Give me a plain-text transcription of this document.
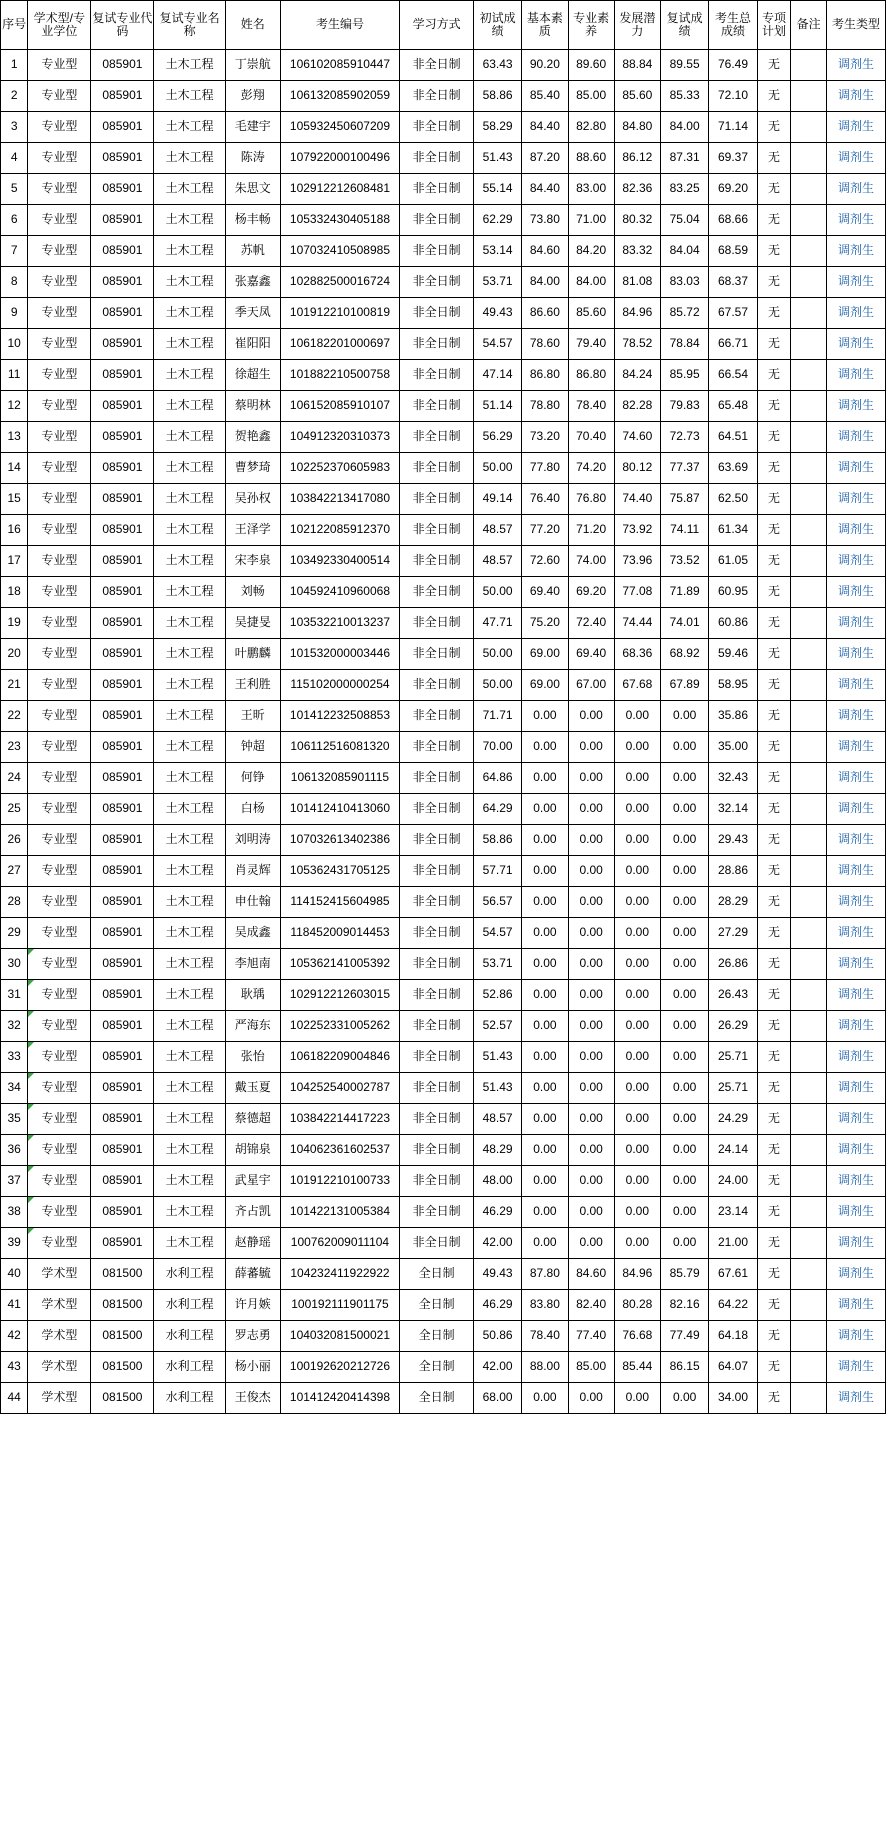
序号	学术型/专业学位	复试专业代码	复试专业名称	姓名	考生编号	学习方式	初试成绩	基本素质	专业素养	发展潜力	复试成绩	考生总成绩	专项计划	备注	考生类型
1	专业型	085901	土木工程	丁崇航	106102085910447	非全日制	63.43	90.20	89.60	88.84	89.55	76.49	无		调剂生
2	专业型	085901	土木工程	彭翔	106132085902059	非全日制	58.86	85.40	85.00	85.60	85.33	72.10	无		调剂生
3	专业型	085901	土木工程	毛建宇	105932450607209	非全日制	58.29	84.40	82.80	84.80	84.00	71.14	无		调剂生
4	专业型	085901	土木工程	陈涛	107922000100496	非全日制	51.43	87.20	88.60	86.12	87.31	69.37	无		调剂生
5	专业型	085901	土木工程	朱思文	102912212608481	非全日制	55.14	84.40	83.00	82.36	83.25	69.20	无		调剂生
6	专业型	085901	土木工程	杨丰畅	105332430405188	非全日制	62.29	73.80	71.00	80.32	75.04	68.66	无		调剂生
7	专业型	085901	土木工程	苏帆	107032410508985	非全日制	53.14	84.60	84.20	83.32	84.04	68.59	无		调剂生
8	专业型	085901	土木工程	张嘉鑫	102882500016724	非全日制	53.71	84.00	84.00	81.08	83.03	68.37	无		调剂生
9	专业型	085901	土木工程	季天凤	101912210100819	非全日制	49.43	86.60	85.60	84.96	85.72	67.57	无		调剂生
10	专业型	085901	土木工程	崔阳阳	106182201000697	非全日制	54.57	78.60	79.40	78.52	78.84	66.71	无		调剂生
11	专业型	085901	土木工程	徐超生	101882210500758	非全日制	47.14	86.80	86.80	84.24	85.95	66.54	无		调剂生
12	专业型	085901	土木工程	蔡明林	106152085910107	非全日制	51.14	78.80	78.40	82.28	79.83	65.48	无		调剂生
13	专业型	085901	土木工程	贺艳鑫	104912320310373	非全日制	56.29	73.20	70.40	74.60	72.73	64.51	无		调剂生
14	专业型	085901	土木工程	曹梦琦	102252370605983	非全日制	50.00	77.80	74.20	80.12	77.37	63.69	无		调剂生
15	专业型	085901	土木工程	吴孙权	103842213417080	非全日制	49.14	76.40	76.80	74.40	75.87	62.50	无		调剂生
16	专业型	085901	土木工程	王泽学	102122085912370	非全日制	48.57	77.20	71.20	73.92	74.11	61.34	无		调剂生
17	专业型	085901	土木工程	宋李泉	103492330400514	非全日制	48.57	72.60	74.00	73.96	73.52	61.05	无		调剂生
18	专业型	085901	土木工程	刘畅	104592410960068	非全日制	50.00	69.40	69.20	77.08	71.89	60.95	无		调剂生
19	专业型	085901	土木工程	吴捷旻	103532210013237	非全日制	47.71	75.20	72.40	74.44	74.01	60.86	无		调剂生
20	专业型	085901	土木工程	叶鹏麟	101532000003446	非全日制	50.00	69.00	69.40	68.36	68.92	59.46	无		调剂生
21	专业型	085901	土木工程	王利胜	115102000000254	非全日制	50.00	69.00	67.00	67.68	67.89	58.95	无		调剂生
22	专业型	085901	土木工程	王昕	101412232508853	非全日制	71.71	0.00	0.00	0.00	0.00	35.86	无		调剂生
23	专业型	085901	土木工程	钟超	106112516081320	非全日制	70.00	0.00	0.00	0.00	0.00	35.00	无		调剂生
24	专业型	085901	土木工程	何铮	106132085901115	非全日制	64.86	0.00	0.00	0.00	0.00	32.43	无		调剂生
25	专业型	085901	土木工程	白杨	101412410413060	非全日制	64.29	0.00	0.00	0.00	0.00	32.14	无		调剂生
26	专业型	085901	土木工程	刘明涛	107032613402386	非全日制	58.86	0.00	0.00	0.00	0.00	29.43	无		调剂生
27	专业型	085901	土木工程	肖灵辉	105362431705125	非全日制	57.71	0.00	0.00	0.00	0.00	28.86	无		调剂生
28	专业型	085901	土木工程	申仕翰	114152415604985	非全日制	56.57	0.00	0.00	0.00	0.00	28.29	无		调剂生
29	专业型	085901	土木工程	吴成鑫	118452009014453	非全日制	54.57	0.00	0.00	0.00	0.00	27.29	无		调剂生
30	专业型	085901	土木工程	李旭南	105362141005392	非全日制	53.71	0.00	0.00	0.00	0.00	26.86	无		调剂生
31	专业型	085901	土木工程	耿瑀	102912212603015	非全日制	52.86	0.00	0.00	0.00	0.00	26.43	无		调剂生
32	专业型	085901	土木工程	严海东	102252331005262	非全日制	52.57	0.00	0.00	0.00	0.00	26.29	无		调剂生
33	专业型	085901	土木工程	张怡	106182209004846	非全日制	51.43	0.00	0.00	0.00	0.00	25.71	无		调剂生
34	专业型	085901	土木工程	戴玉夏	104252540002787	非全日制	51.43	0.00	0.00	0.00	0.00	25.71	无		调剂生
35	专业型	085901	土木工程	蔡德超	103842214417223	非全日制	48.57	0.00	0.00	0.00	0.00	24.29	无		调剂生
36	专业型	085901	土木工程	胡锦泉	104062361602537	非全日制	48.29	0.00	0.00	0.00	0.00	24.14	无		调剂生
37	专业型	085901	土木工程	武星宇	101912210100733	非全日制	48.00	0.00	0.00	0.00	0.00	24.00	无		调剂生
38	专业型	085901	土木工程	齐占凯	101422131005384	非全日制	46.29	0.00	0.00	0.00	0.00	23.14	无		调剂生
39	专业型	085901	土木工程	赵静瑶	100762009011104	非全日制	42.00	0.00	0.00	0.00	0.00	21.00	无		调剂生
40	学术型	081500	水利工程	薛蕃毓	104232411922922	全日制	49.43	87.80	84.60	84.96	85.79	67.61	无		调剂生
41	学术型	081500	水利工程	许月嫉	100192111901175	全日制	46.29	83.80	82.40	80.28	82.16	64.22	无		调剂生
42	学术型	081500	水利工程	罗志勇	104032081500021	全日制	50.86	78.40	77.40	76.68	77.49	64.18	无		调剂生
43	学术型	081500	水利工程	杨小丽	100192620212726	全日制	42.00	88.00	85.00	85.44	86.15	64.07	无		调剂生
44	学术型	081500	水利工程	王俊杰	101412420414398	全日制	68.00	0.00	0.00	0.00	0.00	34.00	无		调剂生
